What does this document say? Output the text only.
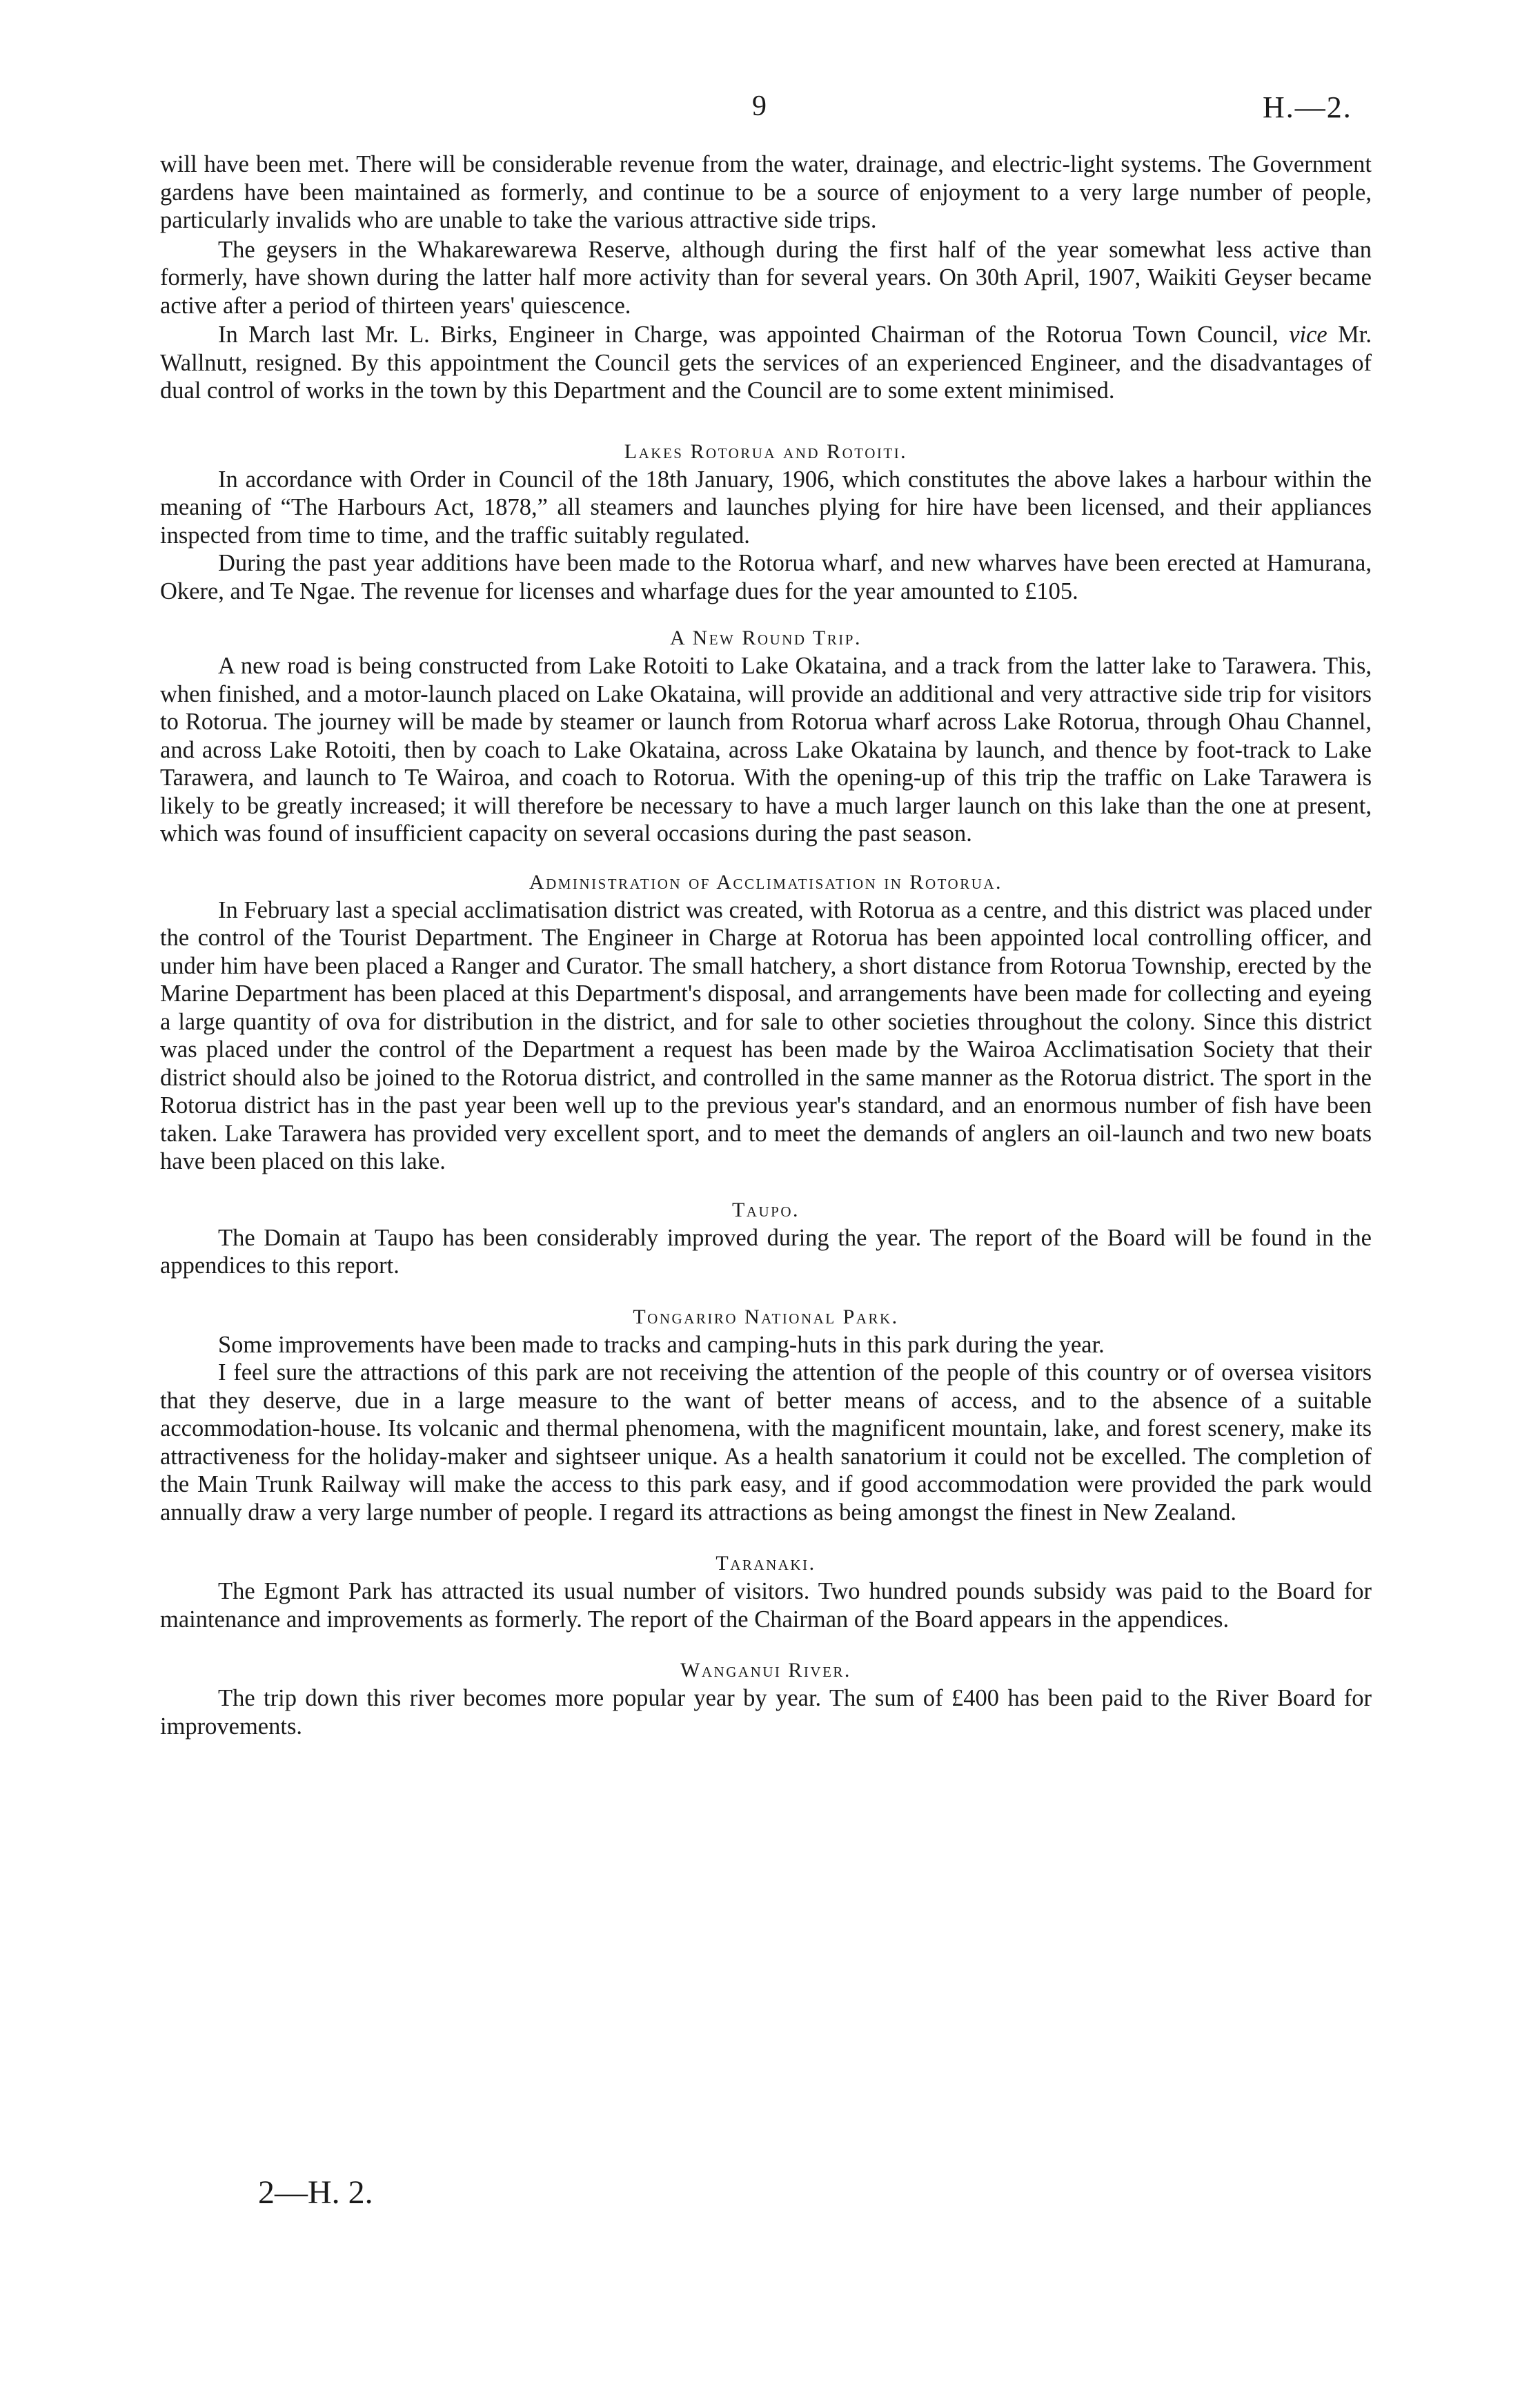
9	H.—2.

will have been met. There will be considerable revenue from the water, drainage, and electric-light systems. The Government gardens have been maintained as formerly, and continue to be a source of enjoyment to a very large number of people, particularly invalids who are unable to take the various attractive side trips.

The geysers in the Whakarewarewa Reserve, although during the first half of the year somewhat less active than formerly, have shown during the latter half more activity than for several years. On 30th April, 1907, Waikiti Geyser became active after a period of thirteen years' quiescence.

In March last Mr. L. Birks, Engineer in Charge, was appointed Chairman of the Rotorua Town Council, vice Mr. Wallnutt, resigned. By this appointment the Council gets the services of an experienced Engineer, and the disadvantages of dual control of works in the town by this Department and the Council are to some extent minimised.

Lakes Rotorua and Rotoiti.

In accordance with Order in Council of the 18th January, 1906, which constitutes the above lakes a harbour within the meaning of “The Harbours Act, 1878,” all steamers and launches plying for hire have been licensed, and their appliances inspected from time to time, and the traffic suitably regulated.

During the past year additions have been made to the Rotorua wharf, and new wharves have been erected at Hamurana, Okere, and Te Ngae. The revenue for licenses and wharfage dues for the year amounted to £105.

A New Round Trip.

A new road is being constructed from Lake Rotoiti to Lake Okataina, and a track from the latter lake to Tarawera. This, when finished, and a motor-launch placed on Lake Okataina, will provide an additional and very attractive side trip for visitors to Rotorua. The journey will be made by steamer or launch from Rotorua wharf across Lake Rotorua, through Ohau Channel, and across Lake Rotoiti, then by coach to Lake Okataina, across Lake Okataina by launch, and thence by foot-track to Lake Tarawera, and launch to Te Wairoa, and coach to Rotorua. With the opening-up of this trip the traffic on Lake Tarawera is likely to be greatly increased; it will therefore be necessary to have a much larger launch on this lake than the one at present, which was found of insufficient capacity on several occasions during the past season.

Administration of Acclimatisation in Rotorua.

In February last a special acclimatisation district was created, with Rotorua as a centre, and this district was placed under the control of the Tourist Department. The Engineer in Charge at Rotorua has been appointed local controlling officer, and under him have been placed a Ranger and Curator. The small hatchery, a short distance from Rotorua Township, erected by the Marine Department has been placed at this Department's disposal, and arrangements have been made for collecting and eyeing a large quantity of ova for distribution in the district, and for sale to other societies throughout the colony. Since this district was placed under the control of the Department a request has been made by the Wairoa Acclimatisation Society that their district should also be joined to the Rotorua district, and controlled in the same manner as the Rotorua district. The sport in the Rotorua district has in the past year been well up to the previous year's standard, and an enormous number of fish have been taken. Lake Tarawera has provided very excellent sport, and to meet the demands of anglers an oil-launch and two new boats have been placed on this lake.

Taupo.

The Domain at Taupo has been considerably improved during the year. The report of the Board will be found in the appendices to this report.

Tongariro National Park.

Some improvements have been made to tracks and camping-huts in this park during the year.

I feel sure the attractions of this park are not receiving the attention of the people of this country or of oversea visitors that they deserve, due in a large measure to the want of better means of access, and to the absence of a suitable accommodation-house. Its volcanic and thermal phenomena, with the magnificent mountain, lake, and forest scenery, make its attractiveness for the holiday-maker and sightseer unique. As a health sanatorium it could not be excelled. The completion of the Main Trunk Railway will make the access to this park easy, and if good accommodation were provided the park would annually draw a very large number of people. I regard its attractions as being amongst the finest in New Zealand.

Taranaki.

The Egmont Park has attracted its usual number of visitors. Two hundred pounds subsidy was paid to the Board for maintenance and improvements as formerly. The report of the Chairman of the Board appears in the appendices.

Wanganui River.

The trip down this river becomes more popular year by year. The sum of £400 has been paid to the River Board for improvements.

2—H. 2.
